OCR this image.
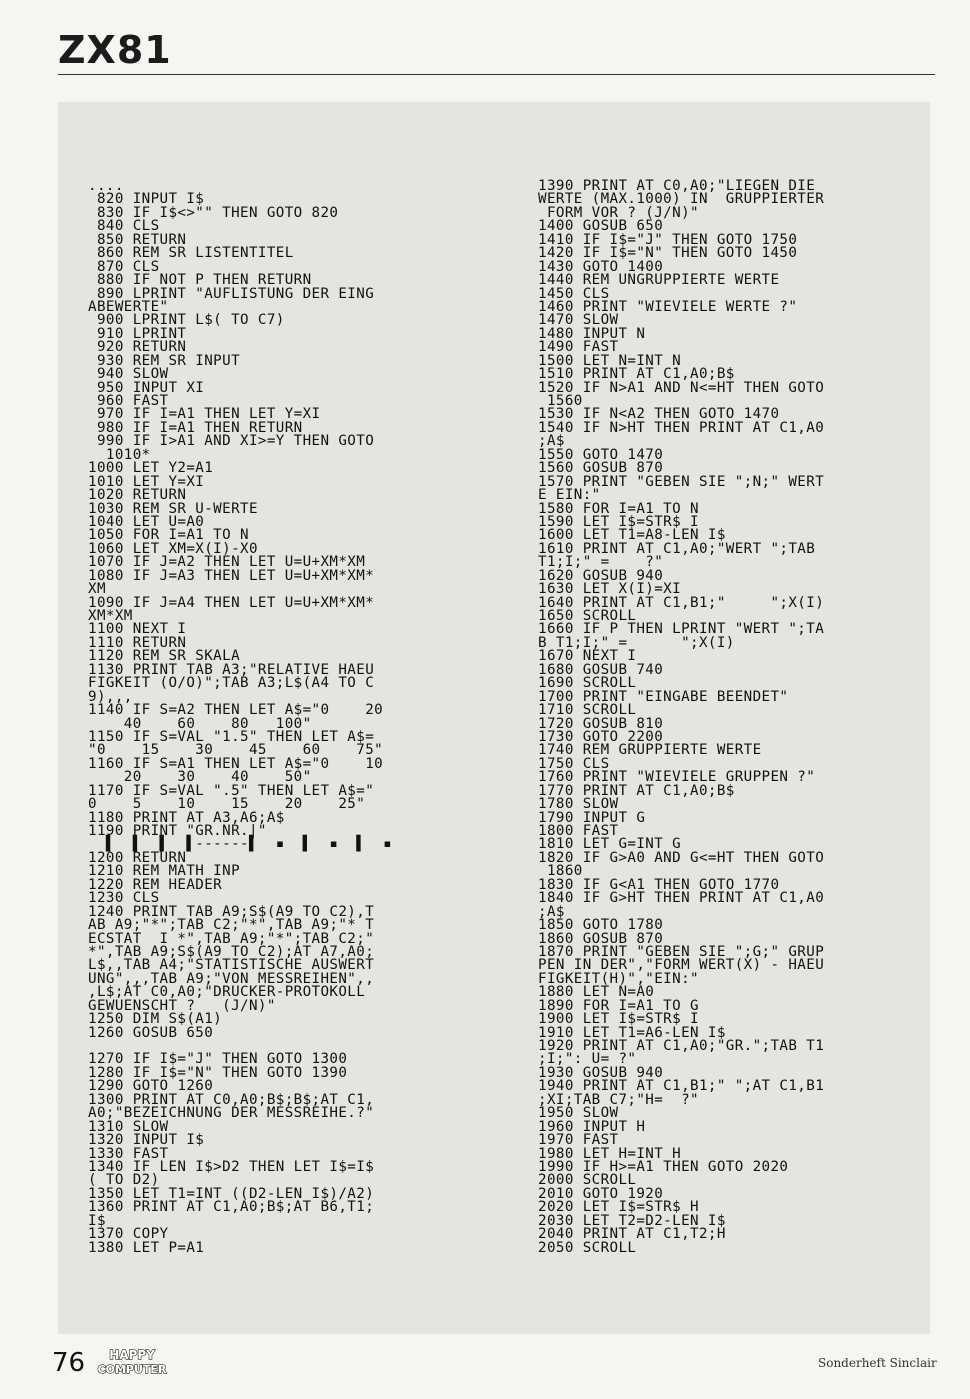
ZX81
....
820 INPUT I$
830 IF I$<>"" THEN GOTO 820
840 CLS
850 RETURN
860 REM SR LISTENTITEL
870 CLS
880 IF NOT P THEN RETURN
890 LPRINT "AUFLISTUNG DER EING
ABEWERTE"
900 LPRINT L$( TO C7)
910 LPRINT
920 RETURN
930 REM SR INPUT
940 SLOW
950 INPUT XI
960 FAST
970 IF I=A1 THEN LET Y=XI
980 IF I=A1 THEN RETURN
990 IF I>A1 AND XI>=Y THEN GOTO
1010*
1000 LET Y2=A1
1010 LET Y=XI
1020 RETURN
1030 REM SR U-WERTE
1040 LET U=A0
1050 FOR I=A1 TO N
1060 LET XM=X(I)-X0
1070 IF J=A2 THEN LET U=U+XM*XM
1080 IF J=A3 THEN LET U=U+XM*XM*
XM
1090 IF J=A4 THEN LET U=U+XM*XM*
XM*XM
1100 NEXT I
1110 RETURN
1120 REM SR SKALA
1130 PRINT TAB A3;"RELATIVE HAEU
FIGKEIT (O/O)";TAB A3;L$(A4 TO C
9),,,
1140 IF S=A2 THEN LET A$="0    20
40    60    80   100"
1150 IF S=VAL "1.5" THEN LET A$=
"0    15    30    45    60    75"
1160 IF S=A1 THEN LET A$="0    10
20    30    40    50"
1170 IF S=VAL ".5" THEN LET A$="
0    5    10    15    20    25"
1180 PRINT AT A3,A6;A$
1190 PRINT "GR.NR.|"
▌  ▌  ▌  ▌------▌  ▪  ▌  ▪  ▌  ▪
1200 RETURN
1210 REM MATH INP
1220 REM HEADER
1230 CLS
1240 PRINT TAB A9;S$(A9 TO C2),T
AB A9;"*";TAB C2;"*",TAB A9;"* T
ECSTAT  I *",TAB A9;"*";TAB C2;"
*",TAB A9;S$(A9 TO C2);AT A7,A0;
L$,,TAB A4;"STATISTISCHE AUSWERT
UNG",,,TAB A9;"VON MESSREIHEN",,
,L$;AT C0,A0;"DRUCKER-PROTOKOLL
GEWUENSCHT ?   (J/N)"
1250 DIM S$(A1)
1260 GOSUB 650
1270 IF I$="J" THEN GOTO 1300
1280 IF I$="N" THEN GOTO 1390
1290 GOTO 1260
1300 PRINT AT C0,A0;B$;B$;AT C1,
A0;"BEZEICHNUNG DER MESSREIHE.?"
1310 SLOW
1320 INPUT I$
1330 FAST
1340 IF LEN I$>D2 THEN LET I$=I$
( TO D2)
1350 LET T1=INT ((D2-LEN I$)/A2)
1360 PRINT AT C1,A0;B$;AT B6,T1;
I$
1370 COPY
1380 LET P=A1
1390 PRINT AT C0,A0;"LIEGEN DIE
WERTE (MAX.1000) IN  GRUPPIERTER
FORM VOR ? (J/N)"
1400 GOSUB 650
1410 IF I$="J" THEN GOTO 1750
1420 IF I$="N" THEN GOTO 1450
1430 GOTO 1400
1440 REM UNGRUPPIERTE WERTE
1450 CLS
1460 PRINT "WIEVIELE WERTE ?"
1470 SLOW
1480 INPUT N
1490 FAST
1500 LET N=INT N
1510 PRINT AT C1,A0;B$
1520 IF N>A1 AND N<=HT THEN GOTO
1560
1530 IF N<A2 THEN GOTO 1470
1540 IF N>HT THEN PRINT AT C1,A0
;A$
1550 GOTO 1470
1560 GOSUB 870
1570 PRINT "GEBEN SIE ";N;" WERT
E EIN:"
1580 FOR I=A1 TO N
1590 LET I$=STR$ I
1600 LET T1=A8-LEN I$
1610 PRINT AT C1,A0;"WERT ";TAB
T1;I;" =    ?"
1620 GOSUB 940
1630 LET X(I)=XI
1640 PRINT AT C1,B1;"     ";X(I)
1650 SCROLL
1660 IF P THEN LPRINT "WERT ";TA
B T1;I;" =      ";X(I)
1670 NEXT I
1680 GOSUB 740
1690 SCROLL
1700 PRINT "EINGABE BEENDET"
1710 SCROLL
1720 GOSUB 810
1730 GOTO 2200
1740 REM GRUPPIERTE WERTE
1750 CLS
1760 PRINT "WIEVIELE GRUPPEN ?"
1770 PRINT AT C1,A0;B$
1780 SLOW
1790 INPUT G
1800 FAST
1810 LET G=INT G
1820 IF G>A0 AND G<=HT THEN GOTO
1860
1830 IF G<A1 THEN GOTO 1770
1840 IF G>HT THEN PRINT AT C1,A0
;A$
1850 GOTO 1780
1860 GOSUB 870
1870 PRINT "GEBEN SIE ";G;" GRUP
PEN IN DER","FORM WERT(X) - HAEU
FIGKEIT(H)","EIN:"
1880 LET N=A0
1890 FOR I=A1 TO G
1900 LET I$=STR$ I
1910 LET T1=A6-LEN I$
1920 PRINT AT C1,A0;"GR.";TAB T1
;I;": U= ?"
1930 GOSUB 940
1940 PRINT AT C1,B1;" ";AT C1,B1
;XI;TAB C7;"H=  ?"
1950 SLOW
1960 INPUT H
1970 FAST
1980 LET H=INT H
1990 IF H>=A1 THEN GOTO 2020
2000 SCROLL
2010 GOTO 1920
2020 LET I$=STR$ H
2030 LET T2=D2-LEN I$
2040 PRINT AT C1,T2;H
2050 SCROLL
76 HAPPY
COMPUTER	Sonderheft Sinclair
